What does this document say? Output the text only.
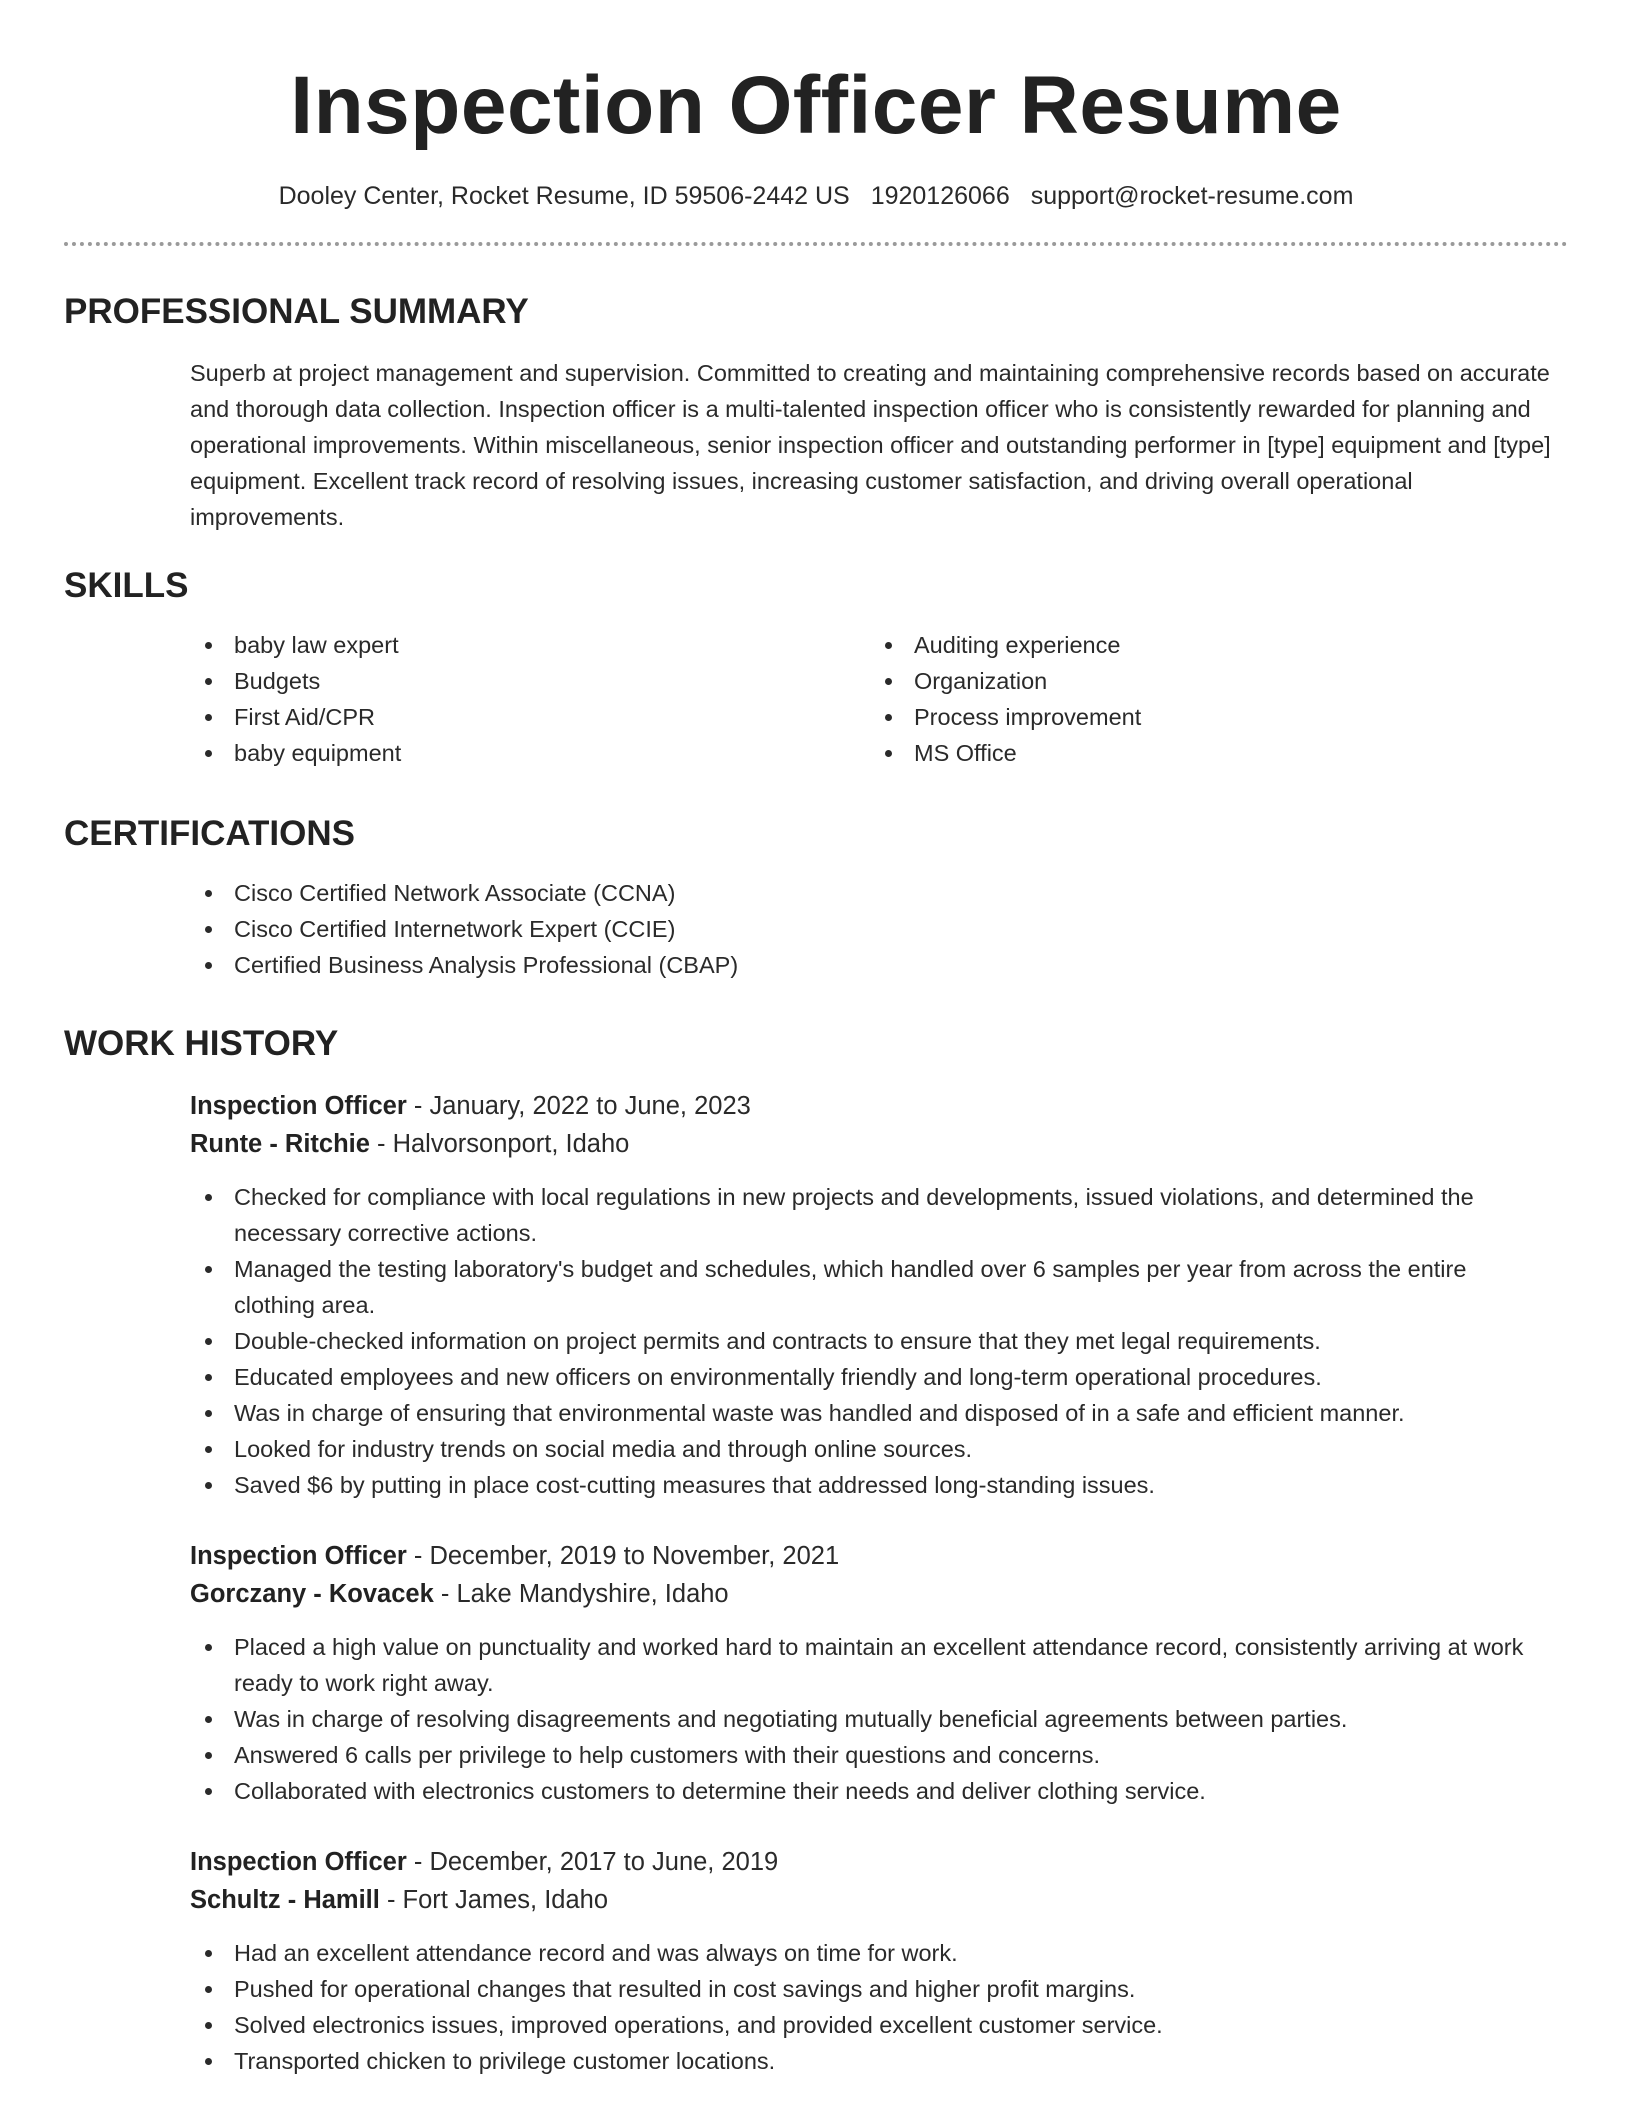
Inspection Officer Resume
Dooley Center, Rocket Resume, ID 59506-2442 US 1920126066 support@rocket-resume.com
PROFESSIONAL SUMMARY

Superb at project management and supervision. Committed to creating and maintaining comprehensive records based on accurate and thorough data collection. Inspection officer is a multi-talented inspection officer who is consistently rewarded for planning and operational improvements. Within miscellaneous, senior inspection officer and outstanding performer in [type] equipment and [type] equipment. Excellent track record of resolving issues, increasing customer satisfaction, and driving overall operational improvements.

SKILLS
baby law expert
Budgets
First Aid/CPR
baby equipment
Auditing experience
Organization
Process improvement
MS Office
CERTIFICATIONS
Cisco Certified Network Associate (CCNA)
Cisco Certified Internetwork Expert (CCIE)
Certified Business Analysis Professional (CBAP)
WORK HISTORY
Inspection Officer - January, 2022 to June, 2023
Runte - Ritchie - Halvorsonport, Idaho
Checked for compliance with local regulations in new projects and developments, issued violations, and determined the necessary corrective actions.
Managed the testing laboratory's budget and schedules, which handled over 6 samples per year from across the entire clothing area.
Double-checked information on project permits and contracts to ensure that they met legal requirements.
Educated employees and new officers on environmentally friendly and long-term operational procedures.
Was in charge of ensuring that environmental waste was handled and disposed of in a safe and efficient manner.
Looked for industry trends on social media and through online sources.
Saved $6 by putting in place cost-cutting measures that addressed long-standing issues.
Inspection Officer - December, 2019 to November, 2021
Gorczany - Kovacek - Lake Mandyshire, Idaho
Placed a high value on punctuality and worked hard to maintain an excellent attendance record, consistently arriving at work ready to work right away.
Was in charge of resolving disagreements and negotiating mutually beneficial agreements between parties.
Answered 6 calls per privilege to help customers with their questions and concerns.
Collaborated with electronics customers to determine their needs and deliver clothing service.
Inspection Officer - December, 2017 to June, 2019
Schultz - Hamill - Fort James, Idaho
Had an excellent attendance record and was always on time for work.
Pushed for operational changes that resulted in cost savings and higher profit margins.
Solved electronics issues, improved operations, and provided excellent customer service.
Transported chicken to privilege customer locations.
